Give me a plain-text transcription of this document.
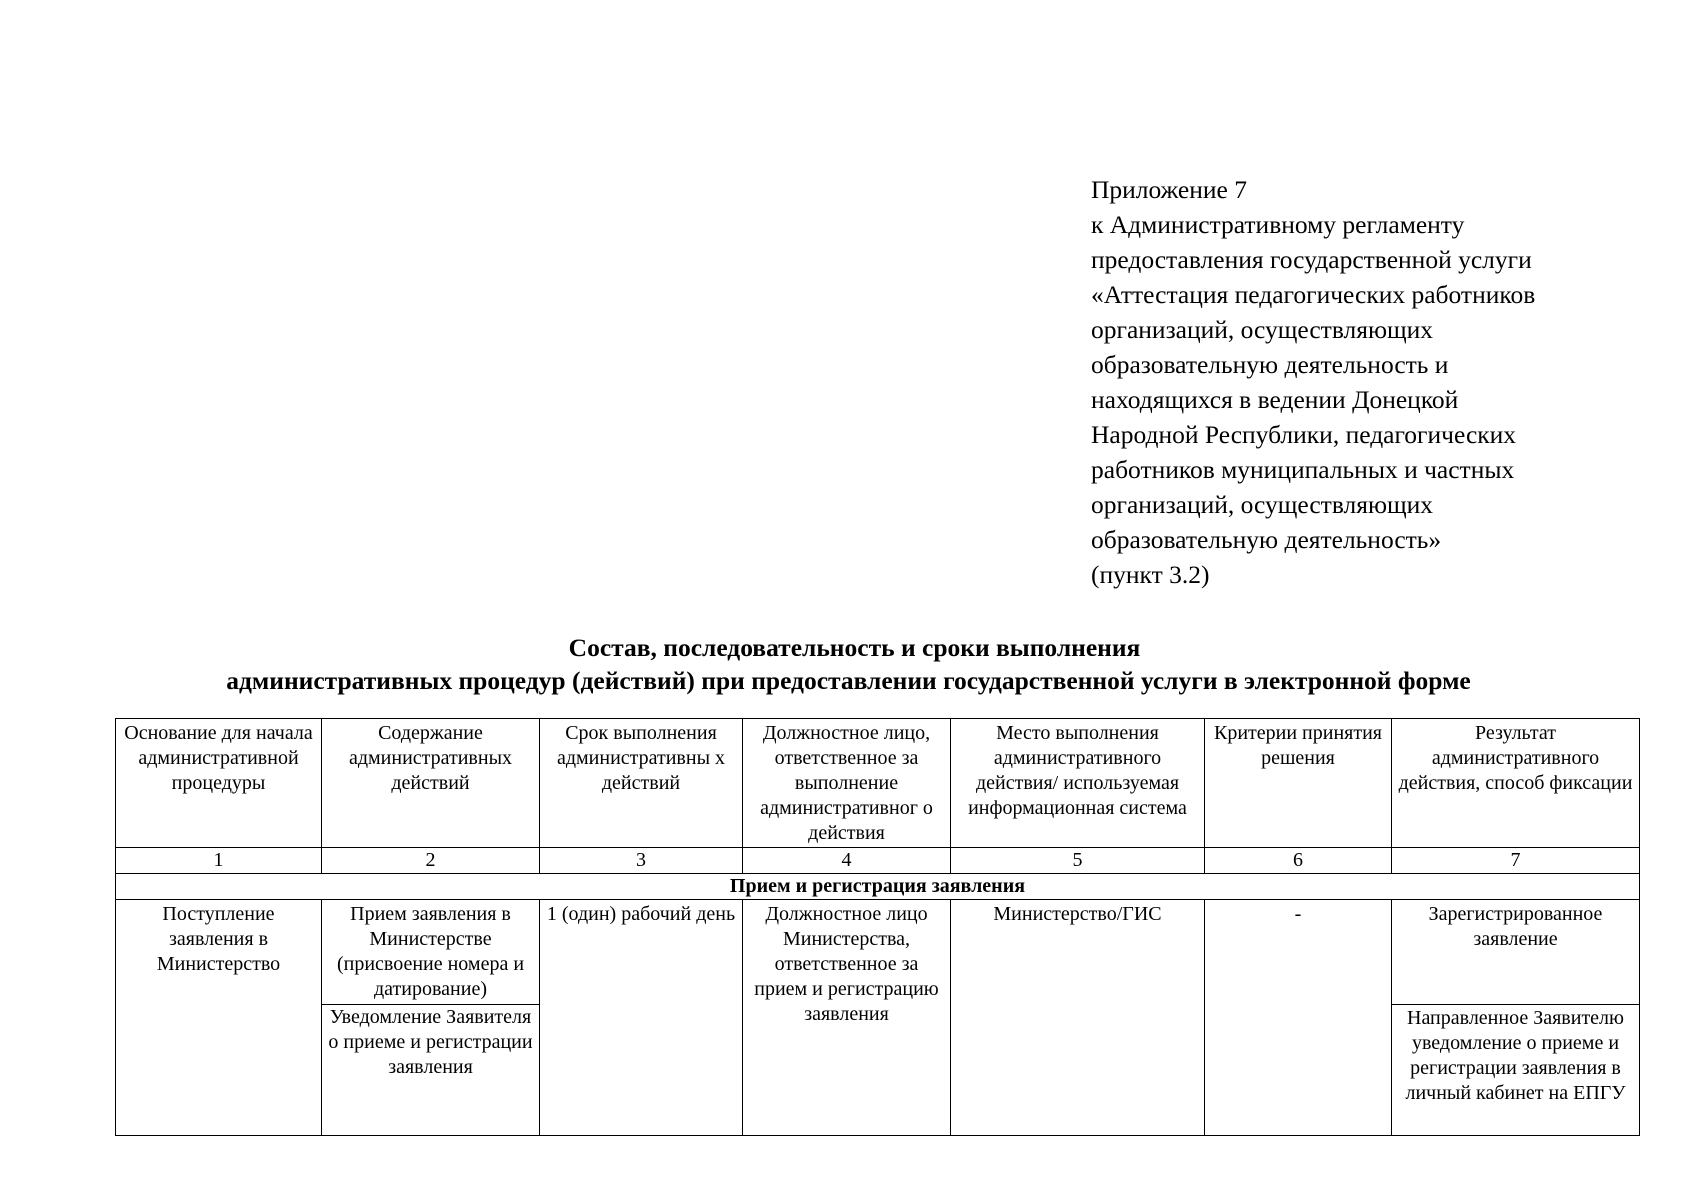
Приложение 7
к Административному регламенту
предоставления государственной услуги
«Аттестация педагогических работников
организаций, осуществляющих
образовательную деятельность и
находящихся в ведении Донецкой
Народной Республики, педагогических
работников муниципальных и частных
организаций, осуществляющих
образовательную деятельность»
(пункт 3.2)
Состав, последовательность и сроки выполнения
административных процедур (действий) при предоставлении государственной услуги в электронной форме
Основание для начала административной процедуры	Содержание административных действий	Срок выполнения административны х действий	Должностное лицо, ответственное за выполнение административног о действия	Место выполнения административного действия/ используемая информационная система	Критерии принятия решения	Результат административного действия, способ фиксации
1	2	3	4	5	6	7
Прием и регистрация заявления						
Поступление заявления в Министерство	Прием заявления в Министерстве (присвоение номера и датирование)	1 (один) рабочий день	Должностное лицо Министерства, ответственное за прием и регистрацию заявления	Министерство/ГИС	-	Зарегистрированное заявление
	Уведомление Заявителя о приеме и регистрации заявления					Направленное Заявителю уведомление о приеме и регистрации заявления в личный кабинет на ЕПГУ
